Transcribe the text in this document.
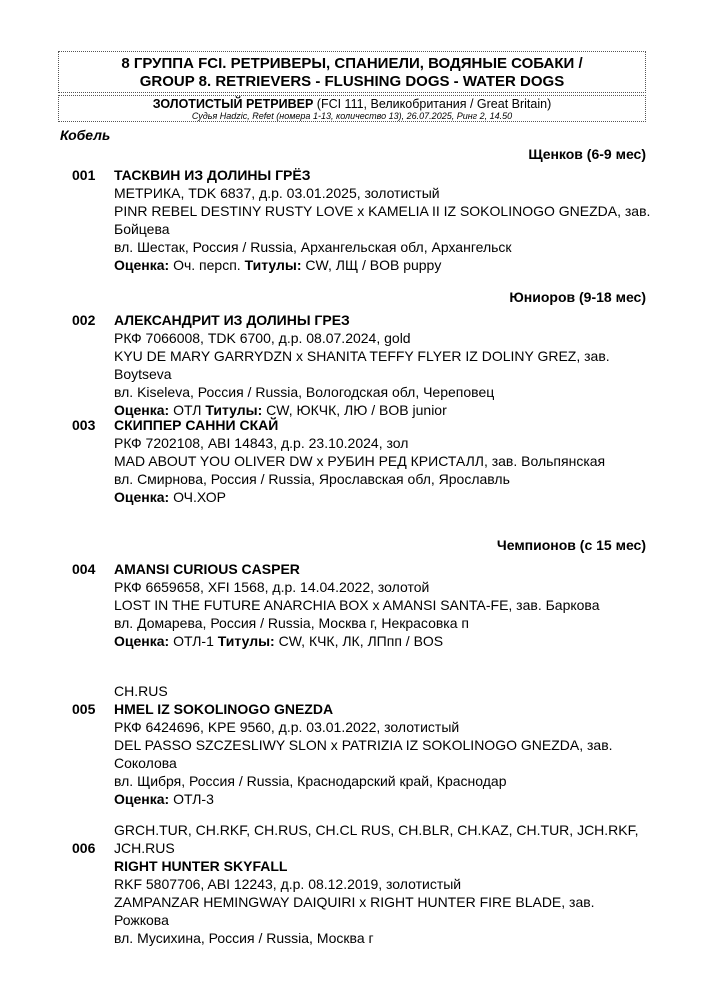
8 ГРУППА FCI. РЕТРИВЕРЫ, СПАНИЕЛИ, ВОДЯНЫЕ СОБАКИ /
GROUP 8. RETRIEVERS - FLUSHING DOGS - WATER DOGS
ЗОЛОТИСТЫЙ РЕТРИВЕР (FCI 111, Великобритания / Great Britain)
Судья Hadzic, Refet (номера 1-13, количество 13), 26.07.2025, Ринг 2, 14.50
Кобель
Щенков (6-9 мес)
001	ТАСКВИН ИЗ ДОЛИНЫ ГРЁЗ
МЕТРИКА, TDK 6837, д.р. 03.01.2025, золотистый
PINR REBEL DESTINY RUSTY LOVE x KAMELIA II IZ SOKOLINOGO GNEZDA, зав. Бойцева
вл. Шестак, Россия / Russia, Архангельская обл, Архангельск
Оценка: Оч. персп. Титулы: CW, ЛЩ / BOB puppy
Юниоров (9-18 мес)
002	АЛЕКСАНДРИТ ИЗ ДОЛИНЫ ГРЕЗ
РКФ 7066008, TDK 6700, д.р. 08.07.2024, gold
KYU DE MARY GARRYDZN x SHANITA TEFFY FLYER IZ DOLINY GREZ, зав. Boytseva
вл. Kiseleva, Россия / Russia, Вологодская обл, Череповец
Оценка: ОТЛ Титулы: CW, ЮКЧК, ЛЮ / BOB junior
003	СКИППЕР САННИ СКАЙ
РКФ 7202108, ABI 14843, д.р. 23.10.2024, зол
MAD ABOUT YOU OLIVER DW x РУБИН РЕД КРИСТАЛЛ, зав. Вольпянская
вл. Смирнова, Россия / Russia, Ярославская обл, Ярославль
Оценка: ОЧ.ХОР
Чемпионов (с 15 мес)
004	AMANSI CURIOUS CASPER
РКФ 6659658, XFI 1568, д.р. 14.04.2022, золотой
LOST IN THE FUTURE ANARCHIA BOX x AMANSI SANTA-FE, зав. Баркова
вл. Домарева, Россия / Russia, Москва г, Некрасовка п
Оценка: ОТЛ-1 Титулы: CW, КЧК, ЛК, ЛПпп / BOS
CH.RUS
005	HMEL IZ SOKOLINOGO GNEZDA
РКФ 6424696, KPE 9560, д.р. 03.01.2022, золотистый
DEL PASSO SZCZESLIWY SLON x PATRIZIA IZ SOKOLINOGO GNEZDA, зав. Соколова
вл. Щибря, Россия / Russia, Краснодарский край, Краснодар
Оценка: ОТЛ-3
006
GRCH.TUR, CH.RKF, CH.RUS, CH.CL RUS, CH.BLR, CH.KAZ, CH.TUR, JCH.RKF, JCH.RUS
RIGHT HUNTER SKYFALL
RKF 5807706, ABI 12243, д.р. 08.12.2019, золотистый
ZAMPANZAR HEMINGWAY DAIQUIRI x RIGHT HUNTER FIRE BLADE, зав. Рожкова
вл. Мусихина, Россия / Russia, Москва г
